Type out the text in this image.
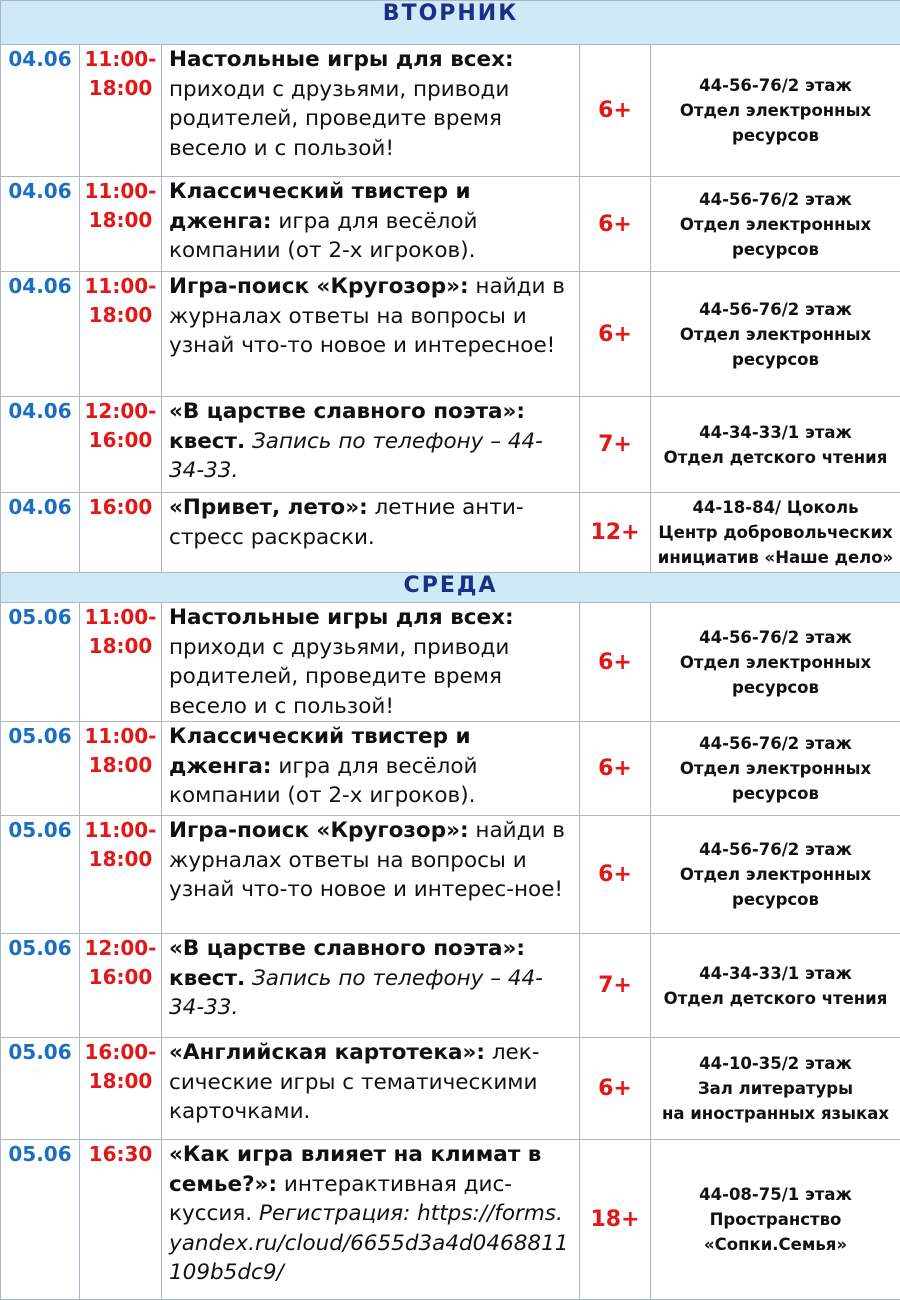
ВТОРНИК				
04.06	11:00-
18:00	Настольные игры для всех: приходи с друзьями, приводи родителей, проведите время весело и с пользой!	6+	44-56-76/2 этаж
Отдел электронных
ресурсов

04.06	11:00-
18:00	Классический твистер и дженга: игра для весёлой компании (от 2-х игроков).	6+	44-56-76/2 этаж
Отдел электронных
ресурсов

04.06	11:00-
18:00	Игра-поиск «Кругозор»: найди в журналах ответы на вопросы и узнай что-то новое и интересное!	6+	44-56-76/2 этаж
Отдел электронных
ресурсов

04.06	12:00-
16:00	«В царстве славного поэта»: квест. Запись по телефону – 44-34-33.	7+	44-34-33/1 этаж
Отдел детского чтения

04.06	16:00	«Привет, лето»: летние анти-стресс раскраски.	12+	44-18-84/ Цоколь
Центр добровольческих
инициатив «Наше дело»

СРЕДА				
05.06	11:00-
18:00	Настольные игры для всех: приходи с друзьями, приводи родителей, проведите время весело и с пользой!	6+	44-56-76/2 этаж
Отдел электронных
ресурсов

05.06	11:00-
18:00	Классический твистер и дженга: игра для весёлой компании (от 2-х игроков).	6+	44-56-76/2 этаж
Отдел электронных
ресурсов

05.06	11:00-
18:00	Игра-поиск «Кругозор»: найди в журналах ответы на вопросы и узнай что-то новое и интерес-ное!	6+	44-56-76/2 этаж
Отдел электронных
ресурсов

05.06	12:00-
16:00	«В царстве славного поэта»: квест. Запись по телефону – 44-34-33.	7+	44-34-33/1 этаж
Отдел детского чтения

05.06	16:00-
18:00	«Английская картотека»: лек-сические игры с тематическими карточками.	6+	44-10-35/2 этаж
Зал литературы
на иностранных языках

05.06	16:30	«Как игра влияет на климат в семье?»: интерактивная дис-куссия. Регистрация: https://forms.yandex.ru/cloud/6655d3a4d0468811109b5dc9/	18+	44-08-75/1 этаж
Пространство
«Сопки.Семья»
